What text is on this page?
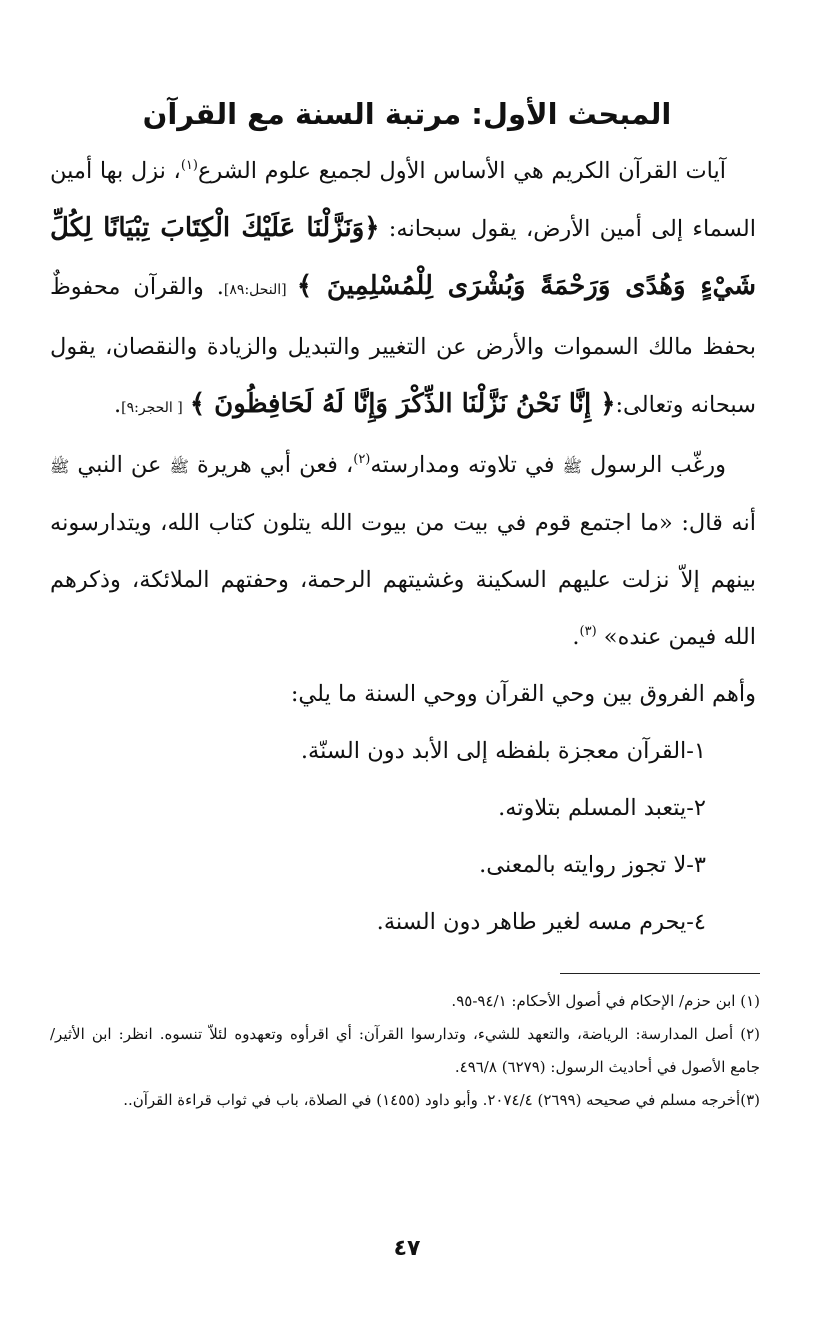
المبحث الأول: مرتبة السنة مع القرآن

آيات القرآن الكريم هي الأساس الأول لجميع علوم الشرع$^{(١)}$، نزل بها أمين السماء إلى أمين الأرض، يقول سبحانه: ﴿وَنَزَّلْنَا عَلَيْكَ الْكِتَابَ تِبْيَانًا لِكُلِّ شَيْءٍ وَهُدًى وَرَحْمَةً وَبُشْرَى لِلْمُسْلِمِينَ ﴾ [النحل:٨٩]. والقرآن محفوظٌ بحفظ مالك السموات والأرض عن التغيير والتبديل والزيادة والنقصان، يقول سبحانه وتعالى:﴿ إِنَّا نَحْنُ نَزَّلْنَا الذِّكْرَ وَإِنَّا لَهُ لَحَافِظُونَ ﴾ [ الحجر:٩].

ورغّب الرسول ﷺ في تلاوته ومدارسته$^{(٢)}$، فعن أبي هريرة ﷺ عن النبي ﷺ أنه قال: «ما اجتمع قوم في بيت من بيوت الله يتلون كتاب الله، ويتدارسونه بينهم إلاّ نزلت عليهم السكينة وغشيتهم الرحمة، وحفتهم الملائكة، وذكرهم الله فيمن عنده» $^{(٣)}$.

وأهم الفروق بين وحي القرآن ووحي السنة ما يلي:

١-القرآن معجزة بلفظه إلى الأبد دون السنّة.
٢-يتعبد المسلم بتلاوته.
٣-لا تجوز روايته بالمعنى.
٤-يحرم مسه لغير طاهر دون السنة.

(١) ابن حزم/ الإحكام في أصول الأحكام: ٩٤/١-٩٥.

(٢) أصل المدارسة: الرياضة، والتعهد للشيء، وتدارسوا القرآن: أي اقرأوه وتعهدوه لئلاّ تنسوه. انظر: ابن الأثير/ جامع الأصول في أحاديث الرسول: (٦٢٧٩) ٤٩٦/٨.

(٣)أخرجه مسلم في صحيحه (٢٦٩٩) ٢٠٧٤/٤. وأبو داود (١٤٥٥) في الصلاة، باب في ثواب قراءة القرآن..

٤٧
